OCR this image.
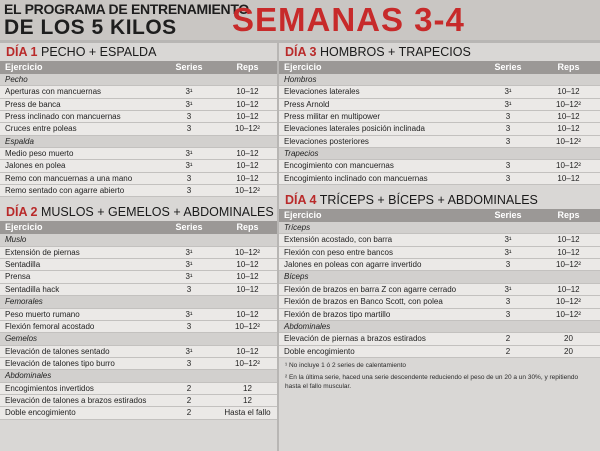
EL PROGRAMA DE ENTRENAMIENTO
DE LOS 5 KILOS	SEMANAS 3-4
DÍA 1 PECHO + ESPALDA
Ejercicio	Series	Reps
Pecho
Aperturas con mancuernas	3¹	10–12
Press de banca	3¹	10–12
Press inclinado con mancuernas	3	10–12
Cruces entre poleas	3	10–12²
Espalda
Medio peso muerto	3¹	10–12
Jalones en polea	3¹	10–12
Remo con mancuernas a una mano	3	10–12
Remo sentado con agarre abierto	3	10–12²
DÍA 2 MUSLOS + GEMELOS + ABDOMINALES
Ejercicio	Series	Reps
Muslo
Extensión de piernas	3¹	10–12²
Sentadilla	3¹	10–12
Prensa	3¹	10–12
Sentadilla hack	3	10–12
Femorales
Peso muerto rumano	3¹	10–12
Flexión femoral acostado	3	10–12²
Gemelos
Elevación de talones sentado	3¹	10–12
Elevación de talones tipo burro	3	10–12²
Abdominales
Encogimientos invertidos	2	12
Elevación de talones a brazos estirados	2	12
Doble encogimiento	2	Hasta el fallo
DÍA 3 HOMBROS + TRAPECIOS
Ejercicio	Series	Reps
Hombros
Elevaciones laterales	3¹	10–12
Press Arnold	3¹	10–12²
Press militar en multipower	3	10–12
Elevaciones laterales posición inclinada	3	10–12
Elevaciones posteriores	3	10–12²
Trapecios
Encogimiento con mancuernas	3	10–12²
Encogimiento inclinado con mancuernas	3	10–12
DÍA 4 TRÍCEPS + BÍCEPS + ABDOMINALES
Ejercicio	Series	Reps
Tríceps
Extensión acostado, con barra	3¹	10–12
Flexión con peso entre bancos	3¹	10–12
Jalones en poleas con agarre invertido	3	10–12²
Bíceps
Flexión de brazos en barra Z con agarre cerrado	3¹	10–12
Flexión de brazos en Banco Scott, con polea	3	10–12²
Flexión de brazos tipo martillo	3	10–12²
Abdominales
Elevación de piernas a brazos estirados	2	20
Doble encogimiento	2	20

¹ No incluye 1 ó 2 series de calentamiento

² En la última serie, haced una serie descendente reduciendo el peso de un 20 a un 30%, y repitiendo hasta el fallo muscular.
